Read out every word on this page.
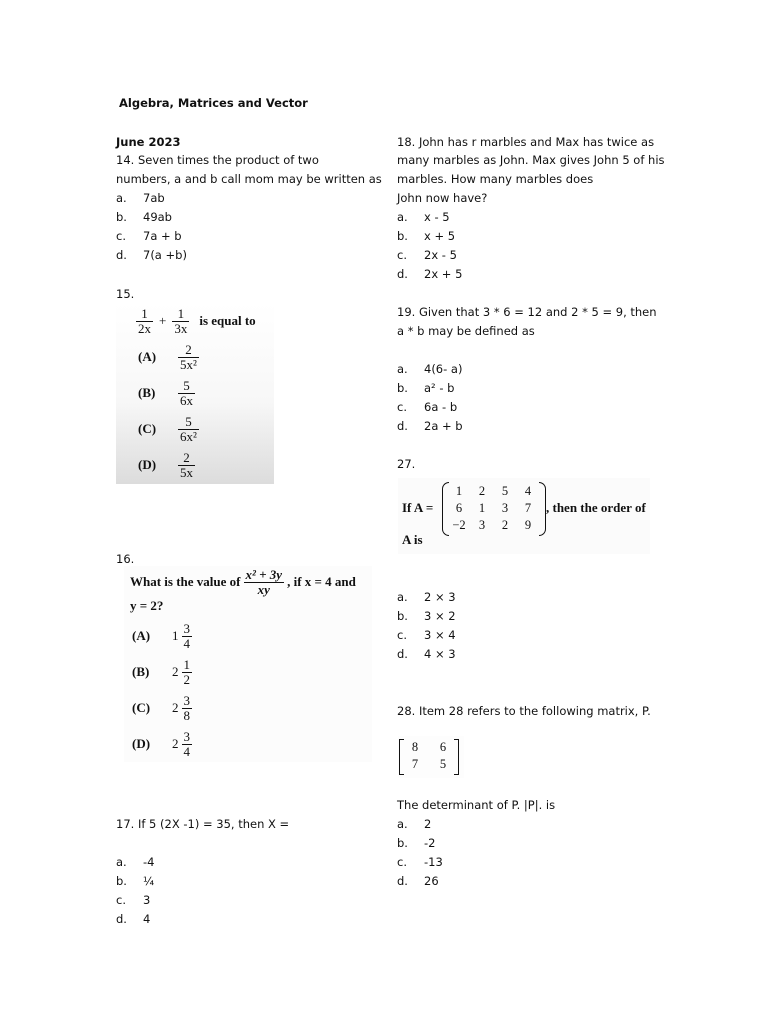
Algebra, Matrices and Vector
June 2023
14. Seven times the product of two
numbers, a and b call mom may be written as
a. 7ab
b. 49ab
c. 7a + b
d. 7(a +b)
15.
$\frac{1}{2x} + \frac{1}{3x}$ is equal to
(A)	$\frac{2}{\text{5x²}}$
(B)	$\frac{5}{6x}$
(C)	$\frac{5}{\text{6x²}}$
(D)	$\frac{2}{5x}$
16.
What is the value of $\frac{\text{x² + 3y}}{xy}$ , if x = 4 and
y = 2?
(A)	$1 \frac{3}{4}$
(B)	$2 \frac{1}{2}$
(C)	$2 \frac{3}{8}$
(D)	$2 \frac{3}{4}$
17. If 5 (2X -1) = 35, then X =
a. -4
b. ¼
c. 3
d. 4
18. John has r marbles and Max has twice as
many marbles as John. Max gives John 5 of his
marbles. How many marbles does
John now have?
a. x - 5
b. x + 5
c. 2x - 5
d. 2x + 5
19. Given that 3 * 6 = 12 and 2 * 5 = 9, then
a * b may be defined as
a. 4(6- a)
b. a² - b
c. 6a - b
d. 2a + b
27.
If A =
1	2	5	4
6	1	3	7
−2	3	2	9
, then the order of
A is
a. 2 × 3
b. 3 × 2
c. 3 × 4
d. 4 × 3
28. Item 28 refers to the following matrix, P.
8	6
7	5
The determinant of P. |P|. is
a. 2
b. -2
c. -13
d. 26
